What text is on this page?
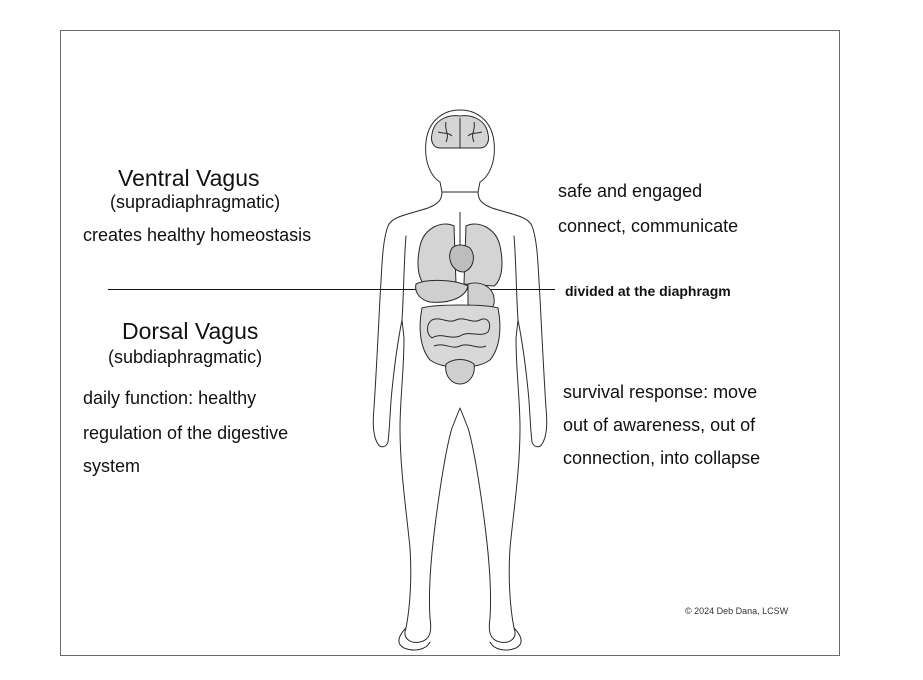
Ventral Vagus
(supradiaphragmatic)
creates healthy homeostasis
safe and engaged
connect, communicate
divided at the diaphragm
Dorsal Vagus
(subdiaphragmatic)
daily function: healthy
regulation of the digestive
system
survival response: move
out of awareness, out of
connection, into collapse
© 2024 Deb Dana, LCSW
